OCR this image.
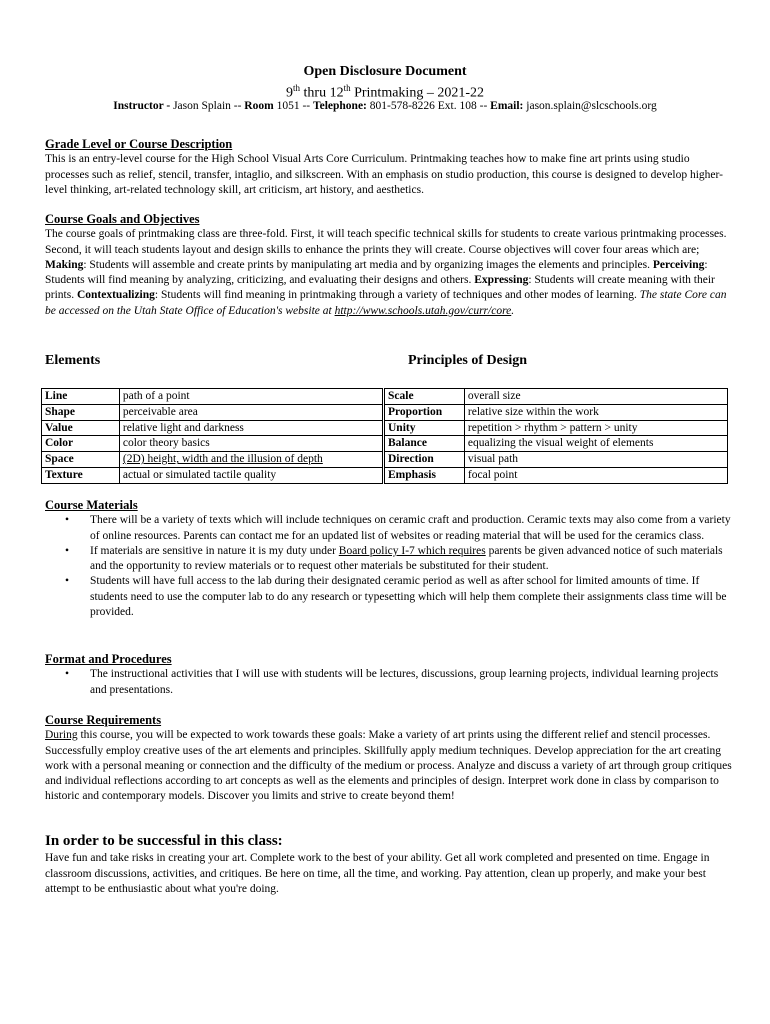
Open Disclosure Document
9th thru 12th Printmaking – 2021-22
Instructor - Jason Splain -- Room 1051 -- Telephone: 801-578-8226 Ext. 108 -- Email: jason.splain@slcschools.org
Grade Level or Course Description

This is an entry-level course for the High School Visual Arts Core Curriculum. Printmaking teaches how to make fine art prints using studio processes such as relief, stencil, transfer, intaglio, and silkscreen. With an emphasis on studio production, this course is designed to develop higher-level thinking, art-related technology skill, art criticism, art history, and aesthetics.

Course Goals and Objectives

The course goals of printmaking class are three-fold. First, it will teach specific technical skills for students to create various printmaking processes. Second, it will teach students layout and design skills to enhance the prints they will create. Course objectives will cover four areas which are; Making: Students will assemble and create prints by manipulating art media and by organizing images the elements and principles. Perceiving: Students will find meaning by analyzing, criticizing, and evaluating their designs and others. Expressing: Students will create meaning with their prints. Contextualizing: Students will find meaning in printmaking through a variety of techniques and other modes of learning. The state Core can be accessed on the Utah State Office of Education's website at http://www.schools.utah.gov/curr/core.

Elements	Principles of Design
Line	path of a point
Shape	perceivable area
Value	relative light and darkness
Color	color theory basics
Space	(2D) height, width and the illusion of depth
Texture	actual or simulated tactile quality
Scale	overall size
Proportion	relative size within the work
Unity	repetition > rhythm > pattern > unity
Balance	equalizing the visual weight of elements
Direction	visual path
Emphasis	focal point
Course Materials
• There will be a variety of texts which will include techniques on ceramic craft and production. Ceramic texts may also come from a variety of online resources. Parents can contact me for an updated list of websites or reading material that will be used for the ceramics class.
• If materials are sensitive in nature it is my duty under Board policy I-7 which requires parents be given advanced notice of such materials and the opportunity to review materials or to request other materials be substituted for their student.
• Students will have full access to the lab during their designated ceramic period as well as after school for limited amounts of time. If students need to use the computer lab to do any research or typesetting which will help them complete their assignments class time will be provided.
Format and Procedures
• The instructional activities that I will use with students will be lectures, discussions, group learning projects, individual learning projects and presentations.
Course Requirements

During this course, you will be expected to work towards these goals: Make a variety of art prints using the different relief and stencil processes. Successfully employ creative uses of the art elements and principles. Skillfully apply medium techniques. Develop appreciation for the art creating work with a personal meaning or connection and the difficulty of the medium or process. Analyze and discuss a variety of art through group critiques and individual reflections according to art concepts as well as the elements and principles of design. Interpret work done in class by comparison to historic and contemporary models. Discover you limits and strive to create beyond them!

In order to be successful in this class:

Have fun and take risks in creating your art. Complete work to the best of your ability. Get all work completed and presented on time. Engage in classroom discussions, activities, and critiques. Be here on time, all the time, and working. Pay attention, clean up properly, and make your best attempt to be enthusiastic about what you're doing.
